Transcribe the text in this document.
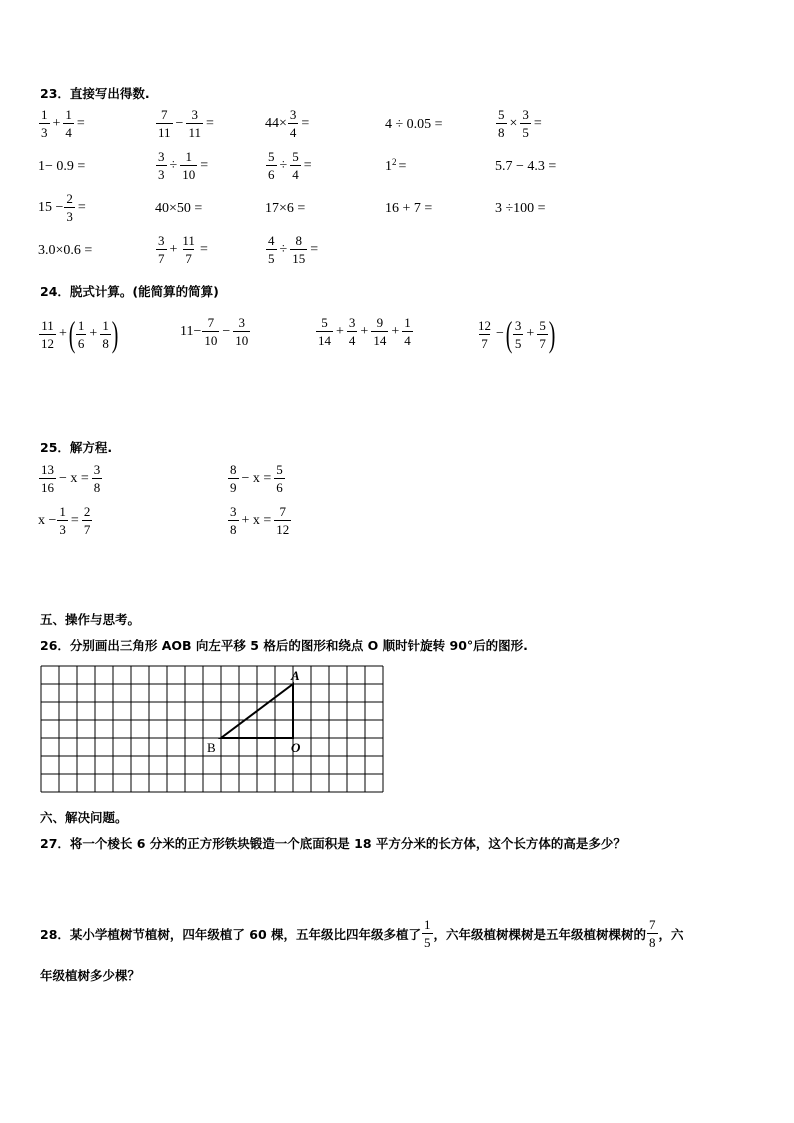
23．直接写出得数.
$\frac{1}{3} + \frac{1}{4}$ =	$\frac{7}{11} - \frac{3}{11}$ =	$44\times \frac{3}{4}$ =	4 ÷ 0.05 =	$\frac{5}{8} \times \frac{3}{5}$ =
1− 0.9 =	$\frac{3}{3} \div \frac{1}{10}$ =	$\frac{5}{6} \div \frac{5}{4}$ =	$1^2$ =	5.7 − 4.3 =
$15 - \frac{2}{3}$ =	40×50 =	17×6 =	16 + 7 =	3 ÷100 =
3.0×0.6 =	$\frac{3}{7} + \frac{11}{7}$ =	$\frac{4}{5} \div \frac{8}{15}$ =
24．脱式计算。(能简算的简算)
$\frac{11}{12}$ + ( $\frac{1}{6} + \frac{1}{8}$ )	$11- \frac{7}{10} - \frac{3}{10}$	$\frac{5}{14} + \frac{3}{4} + \frac{9}{14} + \frac{1}{4}$	$\frac{12}{7}$ − ( $\frac{3}{5} + \frac{5}{7}$ )
25．解方程.
$\frac{13}{16} - x = \frac{3}{8}$	$\frac{8}{9} - x = \frac{5}{6}$
$x - \frac{1}{3} = \frac{2}{7}$	$\frac{3}{8} + x = \frac{7}{12}$
五、操作与思考。
26．分别画出三角形 AOB 向左平移 5 格后的图形和绕点 O 顺时针旋转 90°后的图形.
A
O
B
六、解决问题。
27．将一个棱长 6 分米的正方形铁块锻造一个底面积是 18 平方分米的长方体，这个长方体的高是多少？
28．某小学植树节植树，四年级植了 60 棵，五年级比四年级多植了 $\frac{1}{5}$ ，六年级植树棵树是五年级植树棵树的 $\frac{7}{8}$ ，六
年级植树多少棵？
